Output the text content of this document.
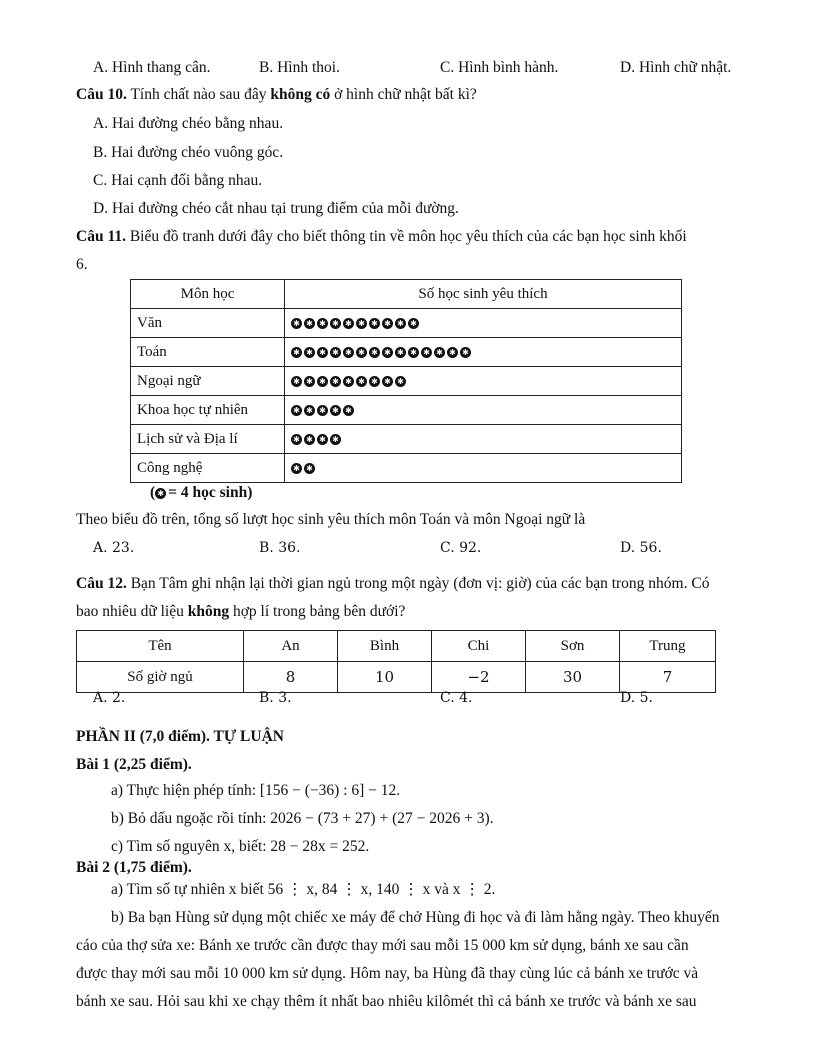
A. Hình thang cân.	B. Hình thoi.	C. Hình bình hành.	D. Hình chữ nhật.
Câu 10. Tính chất nào sau đây không có ở hình chữ nhật bất kì?
A. Hai đường chéo bằng nhau.
B. Hai đường chéo vuông góc.
C. Hai cạnh đối bằng nhau.
D. Hai đường chéo cắt nhau tại trung điểm của mỗi đường.
Câu 11. Biểu đồ tranh dưới đây cho biết thông tin về môn học yêu thích của các bạn học sinh khối
6.
Môn học	Số học sinh yêu thích
Văn	✱ ✱ ✱ ✱ ✱ ✱ ✱ ✱ ✱ ✱
Toán	✱ ✱ ✱ ✱ ✱ ✱ ✱ ✱ ✱ ✱ ✱ ✱ ✱ ✱
Ngoại ngữ	✱ ✱ ✱ ✱ ✱ ✱ ✱ ✱ ✱
Khoa học tự nhiên	✱ ✱ ✱ ✱ ✱
Lịch sử và Địa lí	✱ ✱ ✱ ✱
Công nghệ	✱ ✱
( ✱ = 4 học sinh)
Theo biểu đồ trên, tổng số lượt học sinh yêu thích môn Toán và môn Ngoại ngữ là
A. 23.	B. 36.	C. 92.	D. 56.
Câu 12. Bạn Tâm ghi nhận lại thời gian ngủ trong một ngày (đơn vị: giờ) của các bạn trong nhóm. Có
bao nhiêu dữ liệu không hợp lí trong bảng bên dưới?
Tên	An	Bình	Chi	Sơn	Trung
Số giờ ngủ	8	10	−2	30	7
A. 2.	B. 3.	C. 4.	D. 5.
PHẦN II (7,0 điểm). TỰ LUẬN
Bài 1 (2,25 điểm).
a) Thực hiện phép tính: [156 − (−36) : 6] − 12.
b) Bỏ dấu ngoặc rồi tính: 2026 − (73 + 27) + (27 − 2026 + 3).
c) Tìm số nguyên x, biết: 28 − 28x = 252.
Bài 2 (1,75 điểm).
a) Tìm số tự nhiên x biết 56 ⋮ x, 84 ⋮ x, 140 ⋮ x và x ⋮ 2.
b) Ba bạn Hùng sử dụng một chiếc xe máy để chở Hùng đi học và đi làm hằng ngày. Theo khuyến
cáo của thợ sửa xe: Bánh xe trước cần được thay mới sau mỗi 15 000 km sử dụng, bánh xe sau cần
được thay mới sau mỗi 10 000 km sử dụng. Hôm nay, ba Hùng đã thay cùng lúc cả bánh xe trước và
bánh xe sau. Hỏi sau khi xe chạy thêm ít nhất bao nhiêu kilômét thì cả bánh xe trước và bánh xe sau
